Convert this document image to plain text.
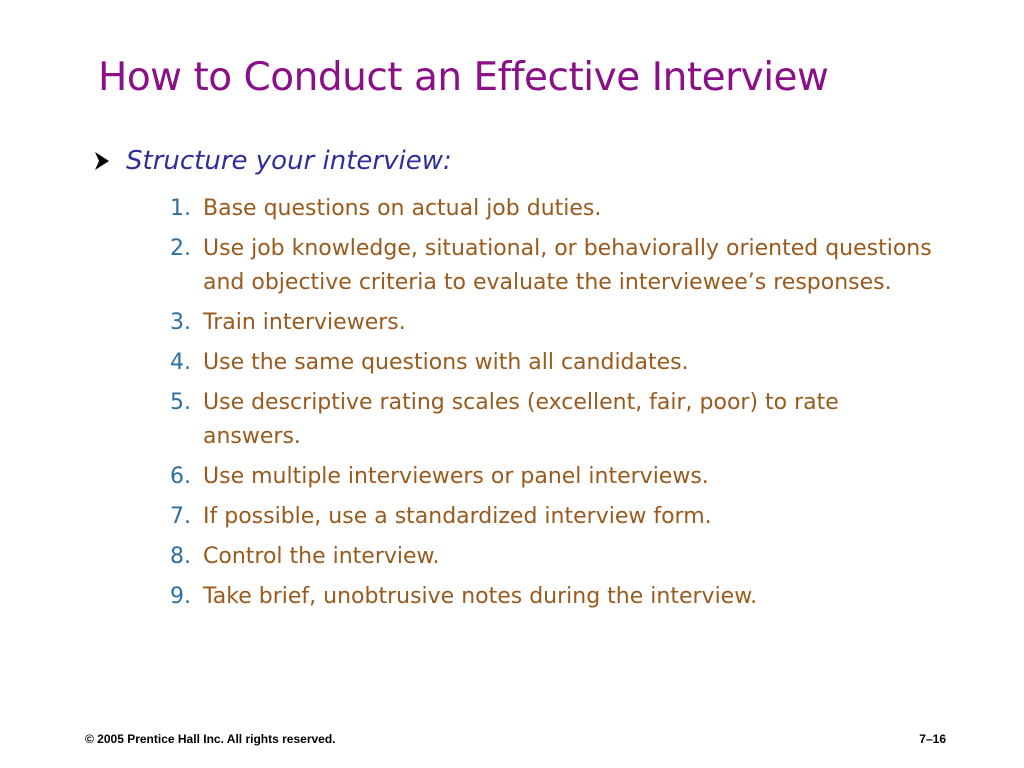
How to Conduct an Effective Interview
Structure your interview:
1. Base questions on actual job duties.
2. Use job knowledge, situational, or behaviorally oriented questions and objective criteria to evaluate the interviewee’s responses.
3. Train interviewers.
4. Use the same questions with all candidates.
5. Use descriptive rating scales (excellent, fair, poor) to rate answers.
6. Use multiple interviewers or panel interviews.
7. If possible, use a standardized interview form.
8. Control the interview.
9. Take brief, unobtrusive notes during the interview.
© 2005 Prentice Hall Inc. All rights reserved.	7–16
